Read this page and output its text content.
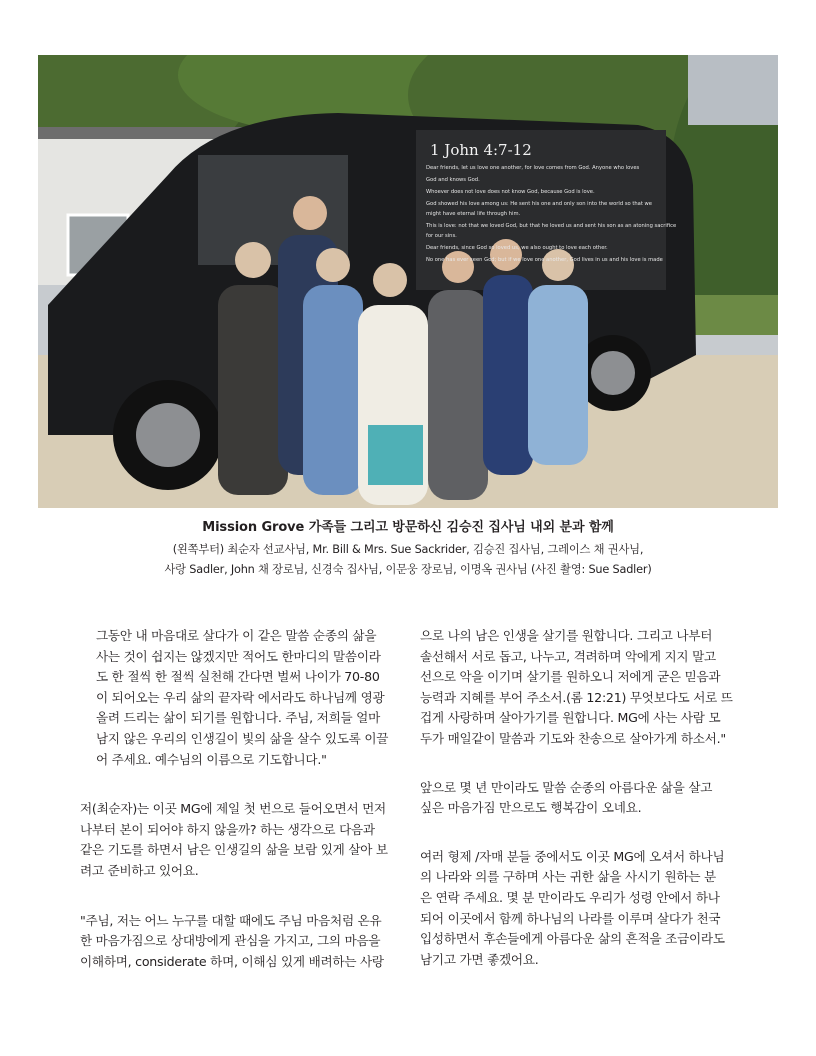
1 John 4:7-12
Dear friends, let us love one another, for love comes from God. Anyone who loves
God and knows God.
Whoever does not love does not know God, because God is love.
God showed his love among us: He sent his one and only son into the world so that we
might have eternal life through him.
This is love: not that we loved God, but that he loved us and sent his son as an atoning sacrifice
for our sins.
Dear friends, since God so loved us, we also ought to love each other.
No one has ever seen God; but if we love one another, God lives in us and his love is made
Mission Grove 가족들 그리고 방문하신 김승진 집사님 내외 분과 함께
(왼쪽부터) 최순자 선교사님, Mr. Bill & Mrs. Sue Sackrider, 김승진 집사님, 그레이스 채 권사님,
사랑 Sadler, John 채 장로님, 신경숙 집사님, 이문웅 장로님, 이명옥 권사님 (사진 촬영: Sue Sadler)

그동안 내 마음대로 살다가 이 같은 말씀 순종의 삶을

사는 것이 쉽지는 않겠지만 적어도 한마디의 말씀이라

도 한 절씩 한 절씩 실천해 간다면 벌써 나이가 70-80

이 되어오는 우리 삶의 끝자락 에서라도 하나님께 영광

올려 드리는 삶이 되기를 원합니다. 주님, 저희들 얼마

남지 않은 우리의 인생길이 빛의 삶을 살수 있도록 이끌

어 주세요. 예수님의 이름으로 기도합니다."

저(최순자)는 이곳 MG에 제일 첫 번으로 들어오면서 먼저

나부터 본이 되어야 하지 않을까? 하는 생각으로 다음과

같은 기도를 하면서 남은 인생길의 삶을 보람 있게 살아 보

려고 준비하고 있어요.

"주님, 저는 어느 누구를 대할 때에도 주님 마음처럼 온유

한 마음가짐으로 상대방에게 관심을 가지고, 그의 마음을

이해하며, considerate 하며, 이해심 있게 배려하는 사랑

으로 나의 남은 인생을 살기를 원합니다. 그리고 나부터

솔선해서 서로 돕고, 나누고, 격려하며 악에게 지지 말고

선으로 악을 이기며 살기를 원하오니 저에게 굳은 믿음과

능력과 지혜를 부어 주소서.(롬 12:21) 무엇보다도 서로 뜨

겁게 사랑하며 살아가기를 원합니다. MG에 사는 사람 모

두가 매일같이 말씀과 기도와 찬송으로 살아가게 하소서."

앞으로 몇 년 만이라도 말씀 순종의 아름다운 삶을 살고

싶은 마음가짐 만으로도 행복감이 오네요.

여러 형제 /자매 분들 중에서도 이곳 MG에 오셔서 하나님

의 나라와 의를 구하며 사는 귀한 삶을 사시기 원하는 분

은 연락 주세요. 몇 분 만이라도 우리가 성령 안에서 하나

되어 이곳에서 함께 하나님의 나라를 이루며 살다가 천국

입성하면서 후손들에게 아름다운 삶의 흔적을 조금이라도

남기고 가면 좋겠어요.
